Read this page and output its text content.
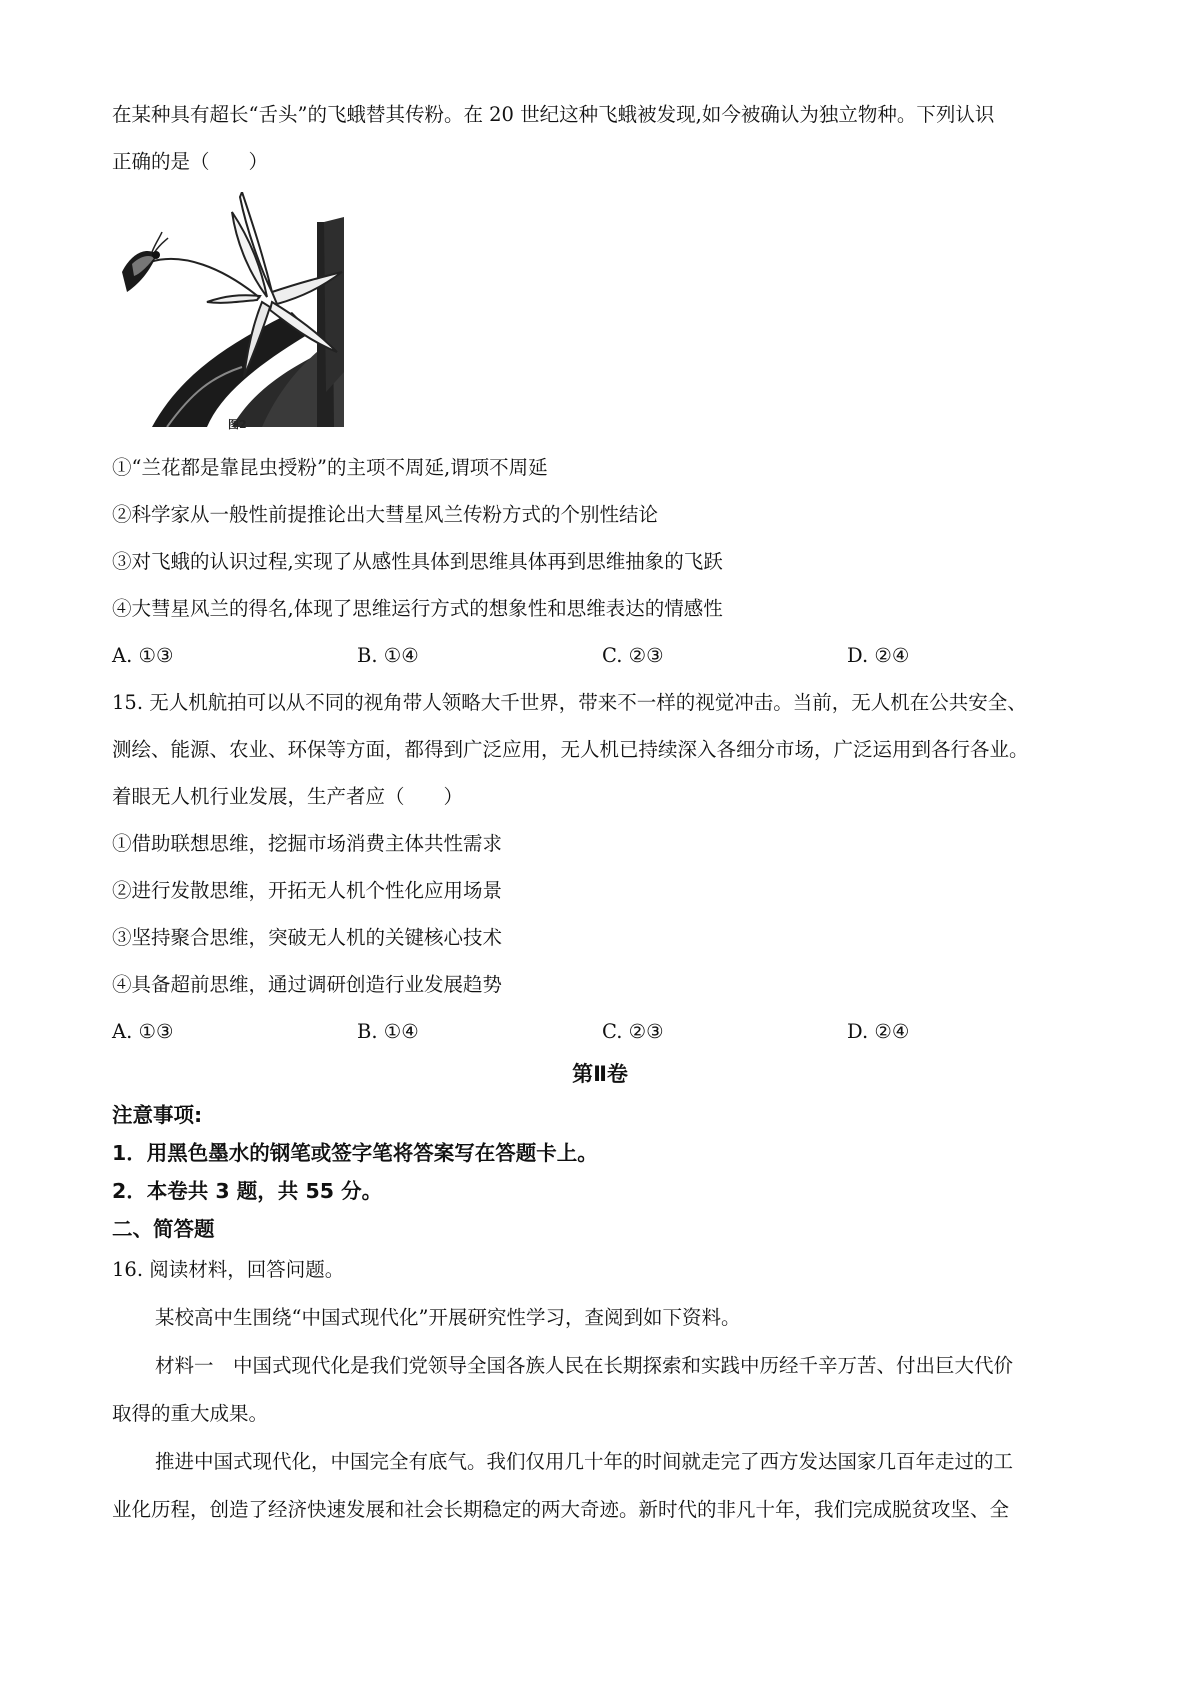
在某种具有超长“舌头”的飞蛾替其传粉。在 20 世纪这种飞蛾被发现,如今被确认为独立物种。下列认识
正确的是（　　）
图2
①“兰花都是靠昆虫授粉”的主项不周延,谓项不周延
②科学家从一般性前提推论出大彗星风兰传粉方式的个别性结论
③对飞蛾的认识过程,实现了从感性具体到思维具体再到思维抽象的飞跃
④大彗星风兰的得名,体现了思维运行方式的想象性和思维表达的情感性
A. ①③	B. ①④	C. ②③	D. ②④
15. 无人机航拍可以从不同的视角带人领略大千世界，带来不一样的视觉冲击。当前，无人机在公共安全、
测绘、能源、农业、环保等方面，都得到广泛应用，无人机已持续深入各细分市场，广泛运用到各行各业。
着眼无人机行业发展，生产者应（　　）
①借助联想思维，挖掘市场消费主体共性需求
②进行发散思维，开拓无人机个性化应用场景
③坚持聚合思维，突破无人机的关键核心技术
④具备超前思维，通过调研创造行业发展趋势
A. ①③	B. ①④	C. ②③	D. ②④
第Ⅱ卷
注意事项:
1．用黑色墨水的钢笔或签字笔将答案写在答题卡上。
2．本卷共 3 题，共 55 分。
二、简答题
16. 阅读材料，回答问题。
某校高中生围绕“中国式现代化”开展研究性学习，查阅到如下资料。
材料一　中国式现代化是我们党领导全国各族人民在长期探索和实践中历经千辛万苦、付出巨大代价
取得的重大成果。
推进中国式现代化，中国完全有底气。我们仅用几十年的时间就走完了西方发达国家几百年走过的工
业化历程，创造了经济快速发展和社会长期稳定的两大奇迹。新时代的非凡十年，我们完成脱贫攻坚、全
